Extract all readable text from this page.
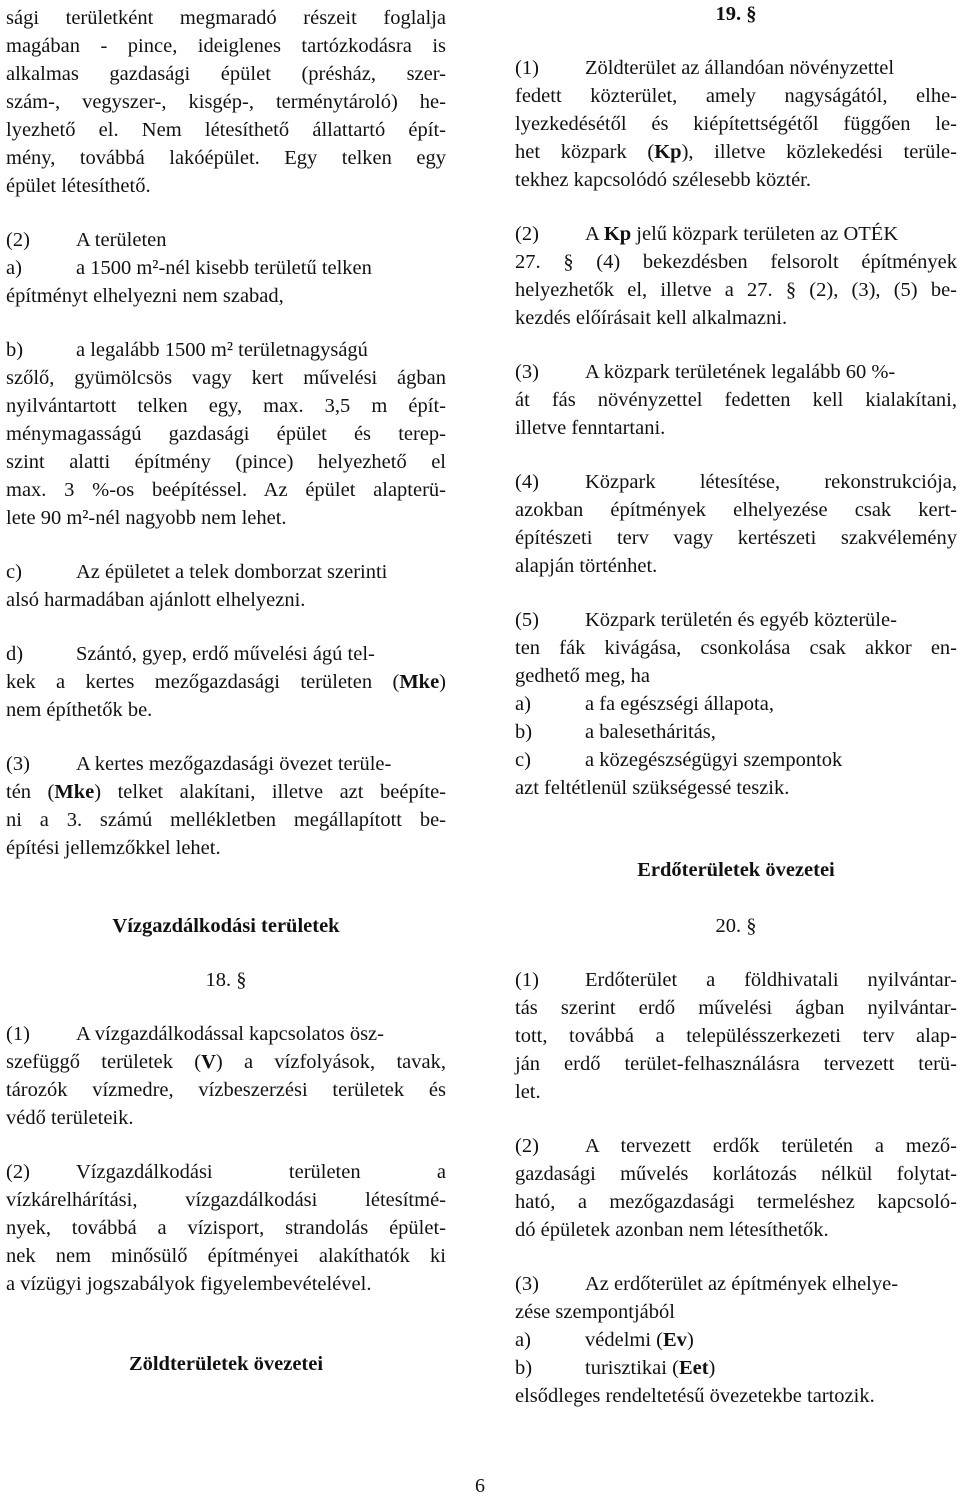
sági területként megmaradó részeit foglalja
magában - pince, ideiglenes tartózkodásra is
alkalmas gazdasági épület (présház, szer-
szám-, vegyszer-, kisgép-, terménytároló) he-
lyezhető el. Nem létesíthető állattartó épít-
mény, továbbá lakóépület. Egy telken egy
épület létesíthető.
(2) A területen
a)	a 1500 m²-nél kisebb területű telken
építményt elhelyezni nem szabad,
b)	a legalább 1500 m² területnagyságú
szőlő, gyümölcsös vagy kert művelési ágban
nyilvántartott telken egy, max. 3,5 m épít-
ménymagasságú gazdasági épület és terep-
szint alatti építmény (pince) helyezhető el
max. 3 %-os beépítéssel. Az épület alapterü-
lete 90 m²-nél nagyobb nem lehet.
c)	Az épületet a telek domborzat szerinti
alsó harmadában ajánlott elhelyezni.
d)	Szántó, gyep, erdő művelési ágú tel-
kek a kertes mezőgazdasági területen (Mke)
nem építhetők be.
(3) A kertes mezőgazdasági övezet terüle-
tén (Mke) telket alakítani, illetve azt beépíte-
ni a 3. számú mellékletben megállapított be-
építési jellemzőkkel lehet.
Vízgazdálkodási területek
18. §
(1) A vízgazdálkodással kapcsolatos ösz-
szefüggő területek (V) a vízfolyások, tavak,
tározók vízmedre, vízbeszerzési területek és
védő területeik.
(2) Vízgazdálkodási területen a
vízkárelhárítási, vízgazdálkodási létesítmé-
nyek, továbbá a vízisport, strandolás épület-
nek nem minősülő építményei alakíthatók ki
a vízügyi jogszabályok figyelembevételével.
Zöldterületek övezetei
19. §
(1) Zöldterület az állandóan növényzettel
fedett közterület, amely nagyságától, elhe-
lyezkedésétől és kiépítettségétől függően le-
het közpark (Kp), illetve közlekedési terüle-
tekhez kapcsolódó szélesebb köztér.
(2) A Kp jelű közpark területen az OTÉK
27. § (4) bekezdésben felsorolt építmények
helyezhetők el, illetve a 27. § (2), (3), (5) be-
kezdés előírásait kell alkalmazni.
(3) A közpark területének legalább 60 %-
át fás növényzettel fedetten kell kialakítani,
illetve fenntartani.
(4) Közpark létesítése, rekonstrukciója,
azokban építmények elhelyezése csak kert-
építészeti terv vagy kertészeti szakvélemény
alapján történhet.
(5) Közpark területén és egyéb közterüle-
ten fák kivágása, csonkolása csak akkor en-
gedhető meg, ha
a)	a fa egészségi állapota,
b)	a balesetháritás,
c)	a közegészségügyi szempontok
azt feltétlenül szükségessé teszik.
Erdőterületek övezetei
20. §
(1) Erdőterület a földhivatali nyilvántar-
tás szerint erdő művelési ágban nyilvántar-
tott, továbbá a településszerkezeti terv alap-
ján erdő terület-felhasználásra tervezett terü-
let.
(2) A tervezett erdők területén a mező-
gazdasági művelés korlátozás nélkül folytat-
ható, a mezőgazdasági termeléshez kapcsoló-
dó épületek azonban nem létesíthetők.
(3) Az erdőterület az építmények elhelye-
zése szempontjából
a)	védelmi (Ev)
b)	turisztikai (Eet)
elsődleges rendeltetésű övezetekbe tartozik.
6
